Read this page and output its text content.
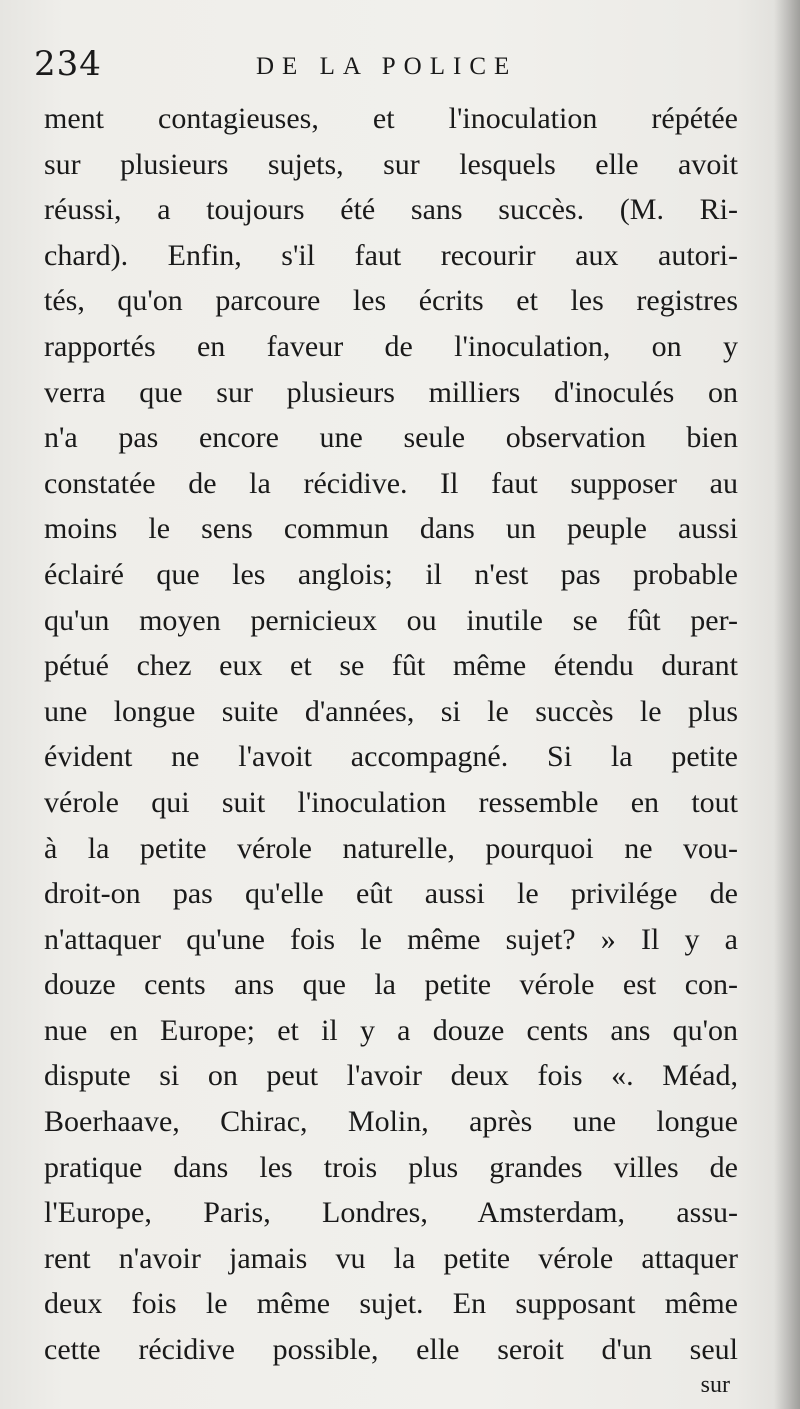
234	DE LA POLICE
ment contagieuses, et l'inoculation répétée
sur plusieurs sujets, sur lesquels elle avoit
réussi, a toujours été sans succès. (M. Ri-
chard). Enfin, s'il faut recourir aux autori-
tés, qu'on parcoure les écrits et les registres
rapportés en faveur de l'inoculation, on y
verra que sur plusieurs milliers d'inoculés on
n'a pas encore une seule observation bien
constatée de la récidive. Il faut supposer au
moins le sens commun dans un peuple aussi
éclairé que les anglois; il n'est pas probable
qu'un moyen pernicieux ou inutile se fût per-
pétué chez eux et se fût même étendu durant
une longue suite d'années, si le succès le plus
évident ne l'avoit accompagné. Si la petite
vérole qui suit l'inoculation ressemble en tout
à la petite vérole naturelle, pourquoi ne vou-
droit-on pas qu'elle eût aussi le privilége de
n'attaquer qu'une fois le même sujet? » Il y a
douze cents ans que la petite vérole est con-
nue en Europe; et il y a douze cents ans qu'on
dispute si on peut l'avoir deux fois «. Méad,
Boerhaave, Chirac, Molin, après une longue
pratique dans les trois plus grandes villes de
l'Europe, Paris, Londres, Amsterdam, assu-
rent n'avoir jamais vu la petite vérole attaquer
deux fois le même sujet. En supposant même
cette récidive possible, elle seroit d'un seul
sur
